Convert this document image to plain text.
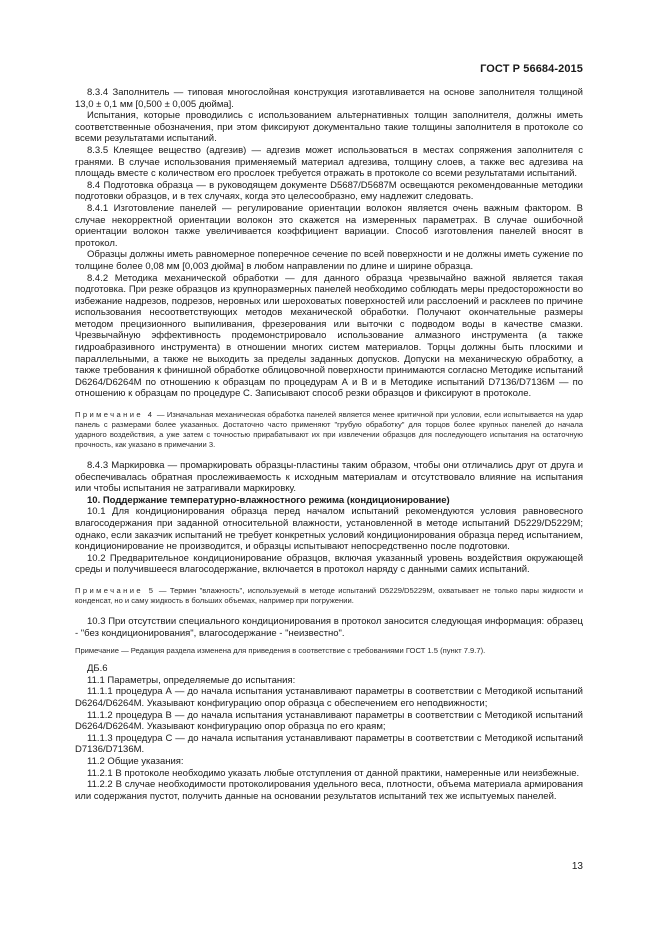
ГОСТ Р 56684-2015

8.3.4 Заполнитель — типовая многослойная конструкция изготавливается на основе заполнителя толщиной 13,0 ± 0,1 мм [0,500 ± 0,005 дюйма].

Испытания, которые проводились с использованием альтернативных толщин заполнителя, должны иметь соответственные обозначения, при этом фиксируют документально такие толщины заполнителя в протоколе со всеми результатами испытаний.

8.3.5 Клеящее вещество (адгезив) — адгезив может использоваться в местах сопряжения заполнителя с гранями. В случае использования применяемый материал адгезива, толщину слоев, а также вес адгезива на площадь вместе с количеством его прослоек требуется отражать в протоколе со всеми результатами испытаний.

8.4 Подготовка образца — в руководящем документе D5687/D5687M освещаются рекомендованные методики подготовки образцов, и в тех случаях, когда это целесообразно, ему надлежит следовать.

8.4.1 Изготовление панелей — регулирование ориентации волокон является очень важным фактором. В случае некорректной ориентации волокон это скажется на измеренных параметрах. В случае ошибочной ориентации волокон также увеличивается коэффициент вариации. Способ изготовления панелей вносят в протокол.

Образцы должны иметь равномерное поперечное сечение по всей поверхности и не должны иметь сужение по толщине более 0,08 мм [0,003 дюйма] в любом направлении по длине и ширине образца.

8.4.2 Методика механической обработки — для данного образца чрезвычайно важной является такая подготовка. При резке образцов из крупноразмерных панелей необходимо соблюдать меры предосторожности во избежание надрезов, подрезов, неровных или шероховатых поверхностей или расслоений и расклеев по причине использования несоответствующих методов механической обработки. Получают окончательные размеры методом прецизионного выпиливания, фрезерования или выточки с подводом воды в качестве смазки. Чрезвычайную эффективность продемонстрировало использование алмазного инструмента (а также гидроабразивного инструмента) в отношении многих систем материалов. Торцы должны быть плоскими и параллельными, а также не выходить за пределы заданных допусков. Допуски на механическую обработку, а также требования к финишной обработке облицовочной поверхности принимаются согласно Методике испытаний D6264/D6264M по отношению к образцам по процедурам А и В и в Методике испытаний D7136/D7136M — по отношению к образцам по процедуре С. Записывают способ резки образцов и фиксируют в протоколе.

Примечание 4 — Изначальная механическая обработка панелей является менее критичной при условии, если испытывается на удар панель с размерами более указанных. Достаточно часто применяют "грубую обработку" для торцов более крупных панелей до начала ударного воздействия, а уже затем с точностью прирабатывают их при извлечении образцов для последующего испытания на остаточную прочность, как указано в примечании 3.

8.4.3 Маркировка — промаркировать образцы-пластины таким образом, чтобы они отличались друг от друга и обеспечивалась обратная прослеживаемость к исходным материалам и отсутствовало влияние на испытания или чтобы испытания не затрагивали маркировку.

10. Поддержание температурно-влажностного режима (кондиционирование)

10.1 Для кондиционирования образца перед началом испытаний рекомендуются условия равновесного влагосодержания при заданной относительной влажности, установленной в методе испытаний D5229/D5229M; однако, если заказчик испытаний не требует конкретных условий кондиционирования образца перед испытанием, кондиционирование не производится, и образцы испытывают непосредственно после подготовки.

10.2 Предварительное кондиционирование образцов, включая указанный уровень воздействия окружающей среды и получившееся влагосодержание, включается в протокол наряду с данными самих испытаний.

Примечание 5 — Термин "влажность", используемый в методе испытаний D5229/D5229M, охватывает не только пары жидкости и конденсат, но и саму жидкость в больших объемах, например при погружении.

10.3 При отсутствии специального кондиционирования в протокол заносится следующая информация: образец - "без кондиционирования", влагосодержание - "неизвестно".

Примечание — Редакция раздела изменена для приведения в соответствие с требованиями ГОСТ 1.5 (пункт 7.9.7).

ДБ.6

11.1 Параметры, определяемые до испытания:

11.1.1 процедура А — до начала испытания устанавливают параметры в соответствии с Методикой испытаний D6264/D6264M. Указывают конфигурацию опор образца с обеспечением его неподвижности;

11.1.2 процедура В — до начала испытания устанавливают параметры в соответствии с Методикой испытаний D6264/D6264M. Указывают конфигурацию опор образца по его краям;

11.1.3 процедура С — до начала испытания устанавливают параметры в соответствии с Методикой испытаний D7136/D7136M.

11.2 Общие указания:

11.2.1 В протоколе необходимо указать любые отступления от данной практики, намеренные или неизбежные.

11.2.2 В случае необходимости протоколирования удельного веса, плотности, объема материала армирования или содержания пустот, получить данные на основании результатов испытаний тех же испытуемых панелей.

13
